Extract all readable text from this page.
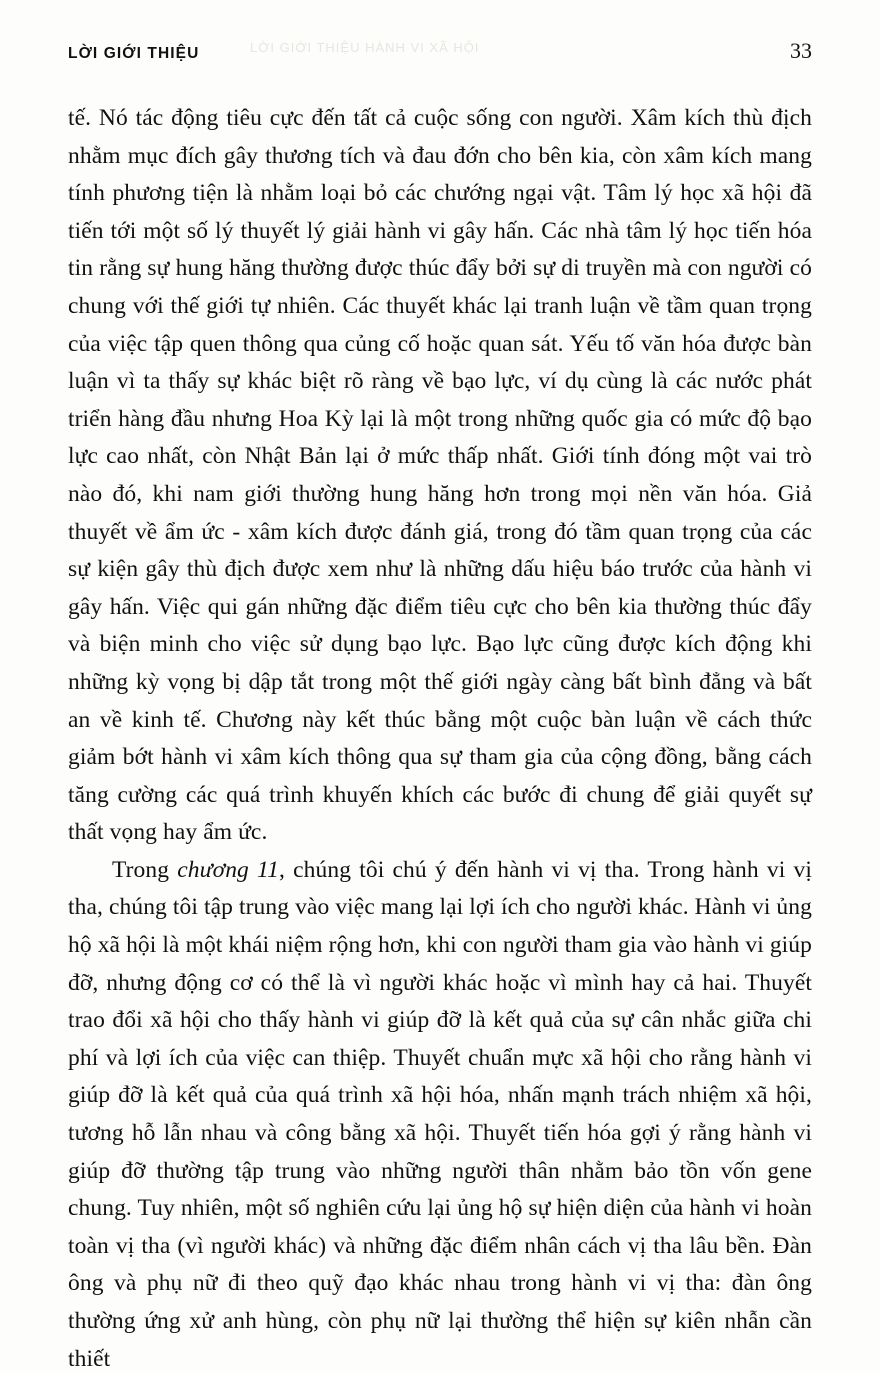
LỜI GIỚI THIỆU HÀNH VI XÃ HỘI
LỜI GIỚI THIỆU	33

tế. Nó tác động tiêu cực đến tất cả cuộc sống con người. Xâm kích thù địch nhằm mục đích gây thương tích và đau đớn cho bên kia, còn xâm kích mang tính phương tiện là nhằm loại bỏ các chướng ngại vật. Tâm lý học xã hội đã tiến tới một số lý thuyết lý giải hành vi gây hấn. Các nhà tâm lý học tiến hóa tin rằng sự hung hăng thường được thúc đẩy bởi sự di truyền mà con người có chung với thế giới tự nhiên. Các thuyết khác lại tranh luận về tầm quan trọng của việc tập quen thông qua củng cố hoặc quan sát. Yếu tố văn hóa được bàn luận vì ta thấy sự khác biệt rõ ràng về bạo lực, ví dụ cùng là các nước phát triển hàng đầu nhưng Hoa Kỳ lại là một trong những quốc gia có mức độ bạo lực cao nhất, còn Nhật Bản lại ở mức thấp nhất. Giới tính đóng một vai trò nào đó, khi nam giới thường hung hăng hơn trong mọi nền văn hóa. Giả thuyết về ẩm ức - xâm kích được đánh giá, trong đó tầm quan trọng của các sự kiện gây thù địch được xem như là những dấu hiệu báo trước của hành vi gây hấn. Việc qui gán những đặc điểm tiêu cực cho bên kia thường thúc đẩy và biện minh cho việc sử dụng bạo lực. Bạo lực cũng được kích động khi những kỳ vọng bị dập tắt trong một thế giới ngày càng bất bình đẳng và bất an về kinh tế. Chương này kết thúc bằng một cuộc bàn luận về cách thức giảm bớt hành vi xâm kích thông qua sự tham gia của cộng đồng, bằng cách tăng cường các quá trình khuyến khích các bước đi chung để giải quyết sự thất vọng hay ẩm ức.

Trong chương 11, chúng tôi chú ý đến hành vi vị tha. Trong hành vi vị tha, chúng tôi tập trung vào việc mang lại lợi ích cho người khác. Hành vi ủng hộ xã hội là một khái niệm rộng hơn, khi con người tham gia vào hành vi giúp đỡ, nhưng động cơ có thể là vì người khác hoặc vì mình hay cả hai. Thuyết trao đổi xã hội cho thấy hành vi giúp đỡ là kết quả của sự cân nhắc giữa chi phí và lợi ích của việc can thiệp. Thuyết chuẩn mực xã hội cho rằng hành vi giúp đỡ là kết quả của quá trình xã hội hóa, nhấn mạnh trách nhiệm xã hội, tương hỗ lẫn nhau và công bằng xã hội. Thuyết tiến hóa gợi ý rằng hành vi giúp đỡ thường tập trung vào những người thân nhằm bảo tồn vốn gene chung. Tuy nhiên, một số nghiên cứu lại ủng hộ sự hiện diện của hành vi hoàn toàn vị tha (vì người khác) và những đặc điểm nhân cách vị tha lâu bền. Đàn ông và phụ nữ đi theo quỹ đạo khác nhau trong hành vi vị tha: đàn ông thường ứng xử anh hùng, còn phụ nữ lại thường thể hiện sự kiên nhẫn cần thiết
